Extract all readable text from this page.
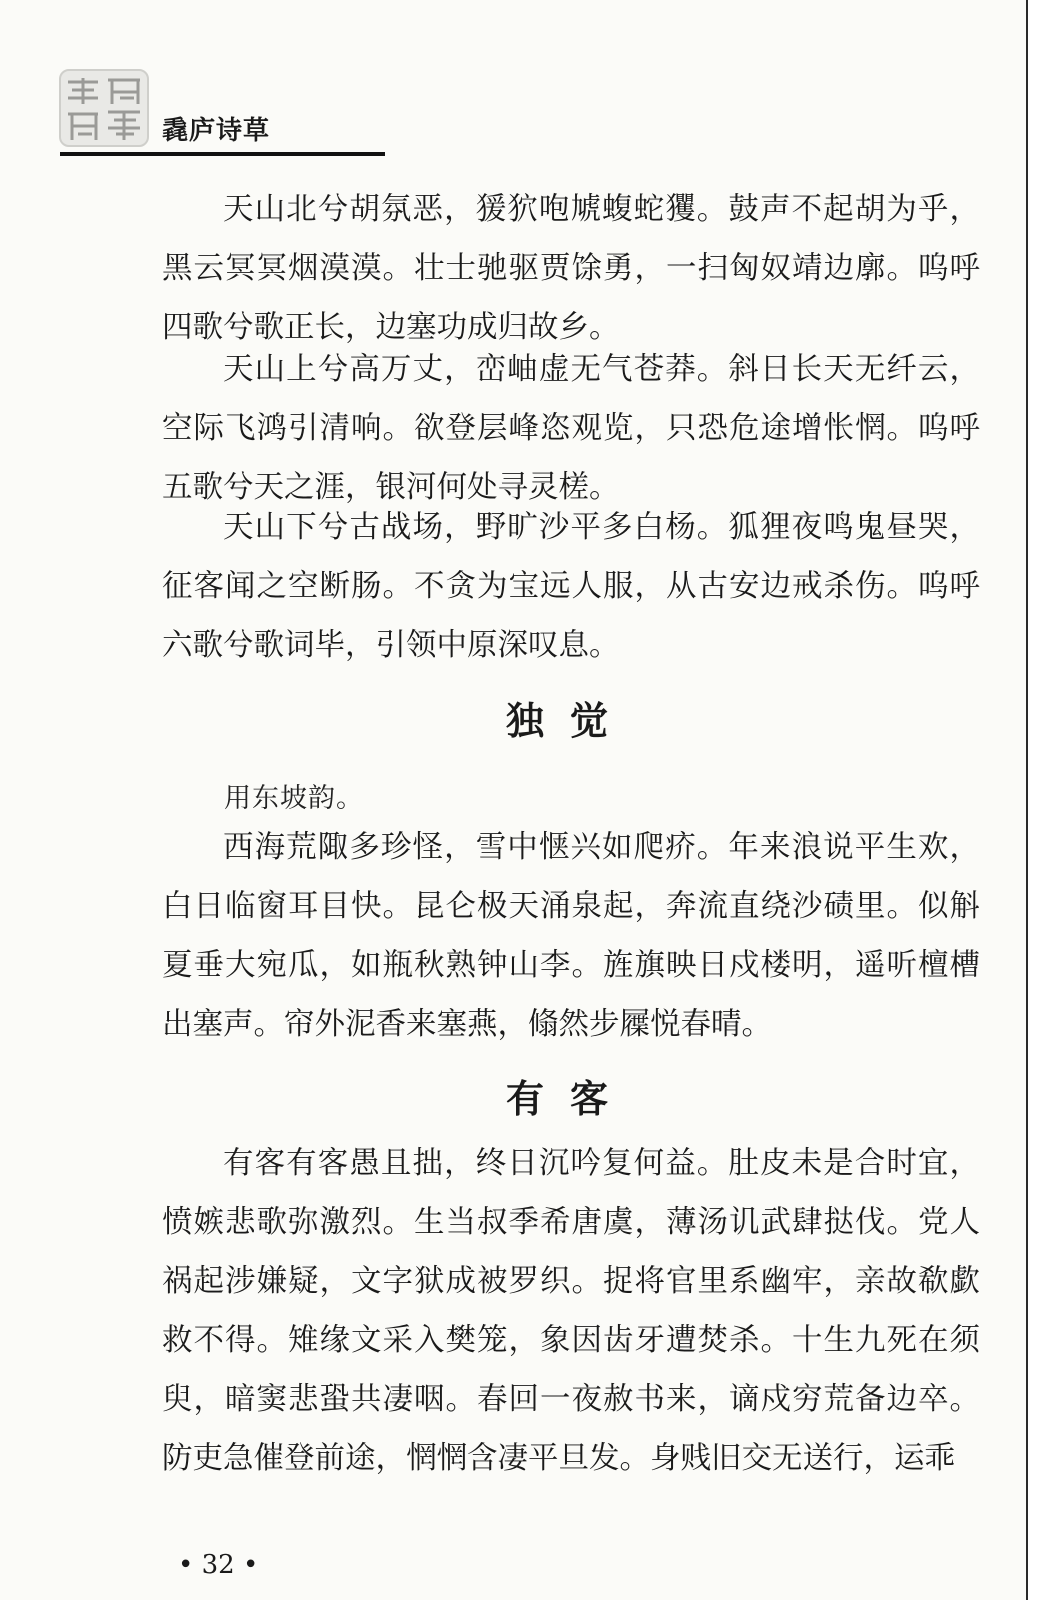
毳庐诗草

天山北兮胡氛恶，猨狖咆虓蝮蛇玃。鼓声不起胡为乎，黑云冥冥烟漠漠。壮士驰驱贾馀勇，一扫匈奴靖边廓。呜呼四歌兮歌正长，边塞功成归故乡。

天山上兮高万丈，峦岫虚无气苍莽。斜日长天无纤云，空际飞鸿引清响。欲登层峰恣观览，只恐危途增怅惘。呜呼五歌兮天之涯，银河何处寻灵槎。

天山下兮古战场，野旷沙平多白杨。狐狸夜鸣鬼昼哭，征客闻之空断肠。不贪为宝远人服，从古安边戒杀伤。呜呼六歌兮歌词毕，引领中原深叹息。

独觉
用东坡韵。

西海荒陬多珍怪，雪中惬兴如爬疥。年来浪说平生欢，白日临窗耳目快。昆仑极天涌泉起，奔流直绕沙碛里。似斛夏垂大宛瓜，如瓶秋熟钟山李。旌旗映日戍楼明，遥听檀槽出塞声。帘外泥香来塞燕，翛然步屧悦春晴。

有客

有客有客愚且拙，终日沉吟复何益。肚皮未是合时宜，愤嫉悲歌弥激烈。生当叔季希唐虞，薄汤讥武肆挞伐。党人祸起涉嫌疑，文字狱成被罗织。捉将官里系幽牢，亲故欷歔救不得。雉缘文采入樊笼，象因齿牙遭焚杀。十生九死在须臾，暗窦悲蛩共凄咽。春回一夜赦书来，谪戍穷荒备边卒。防吏急催登前途，惘惘含凄平旦发。身贱旧交无送行，运乖

• 32 •
